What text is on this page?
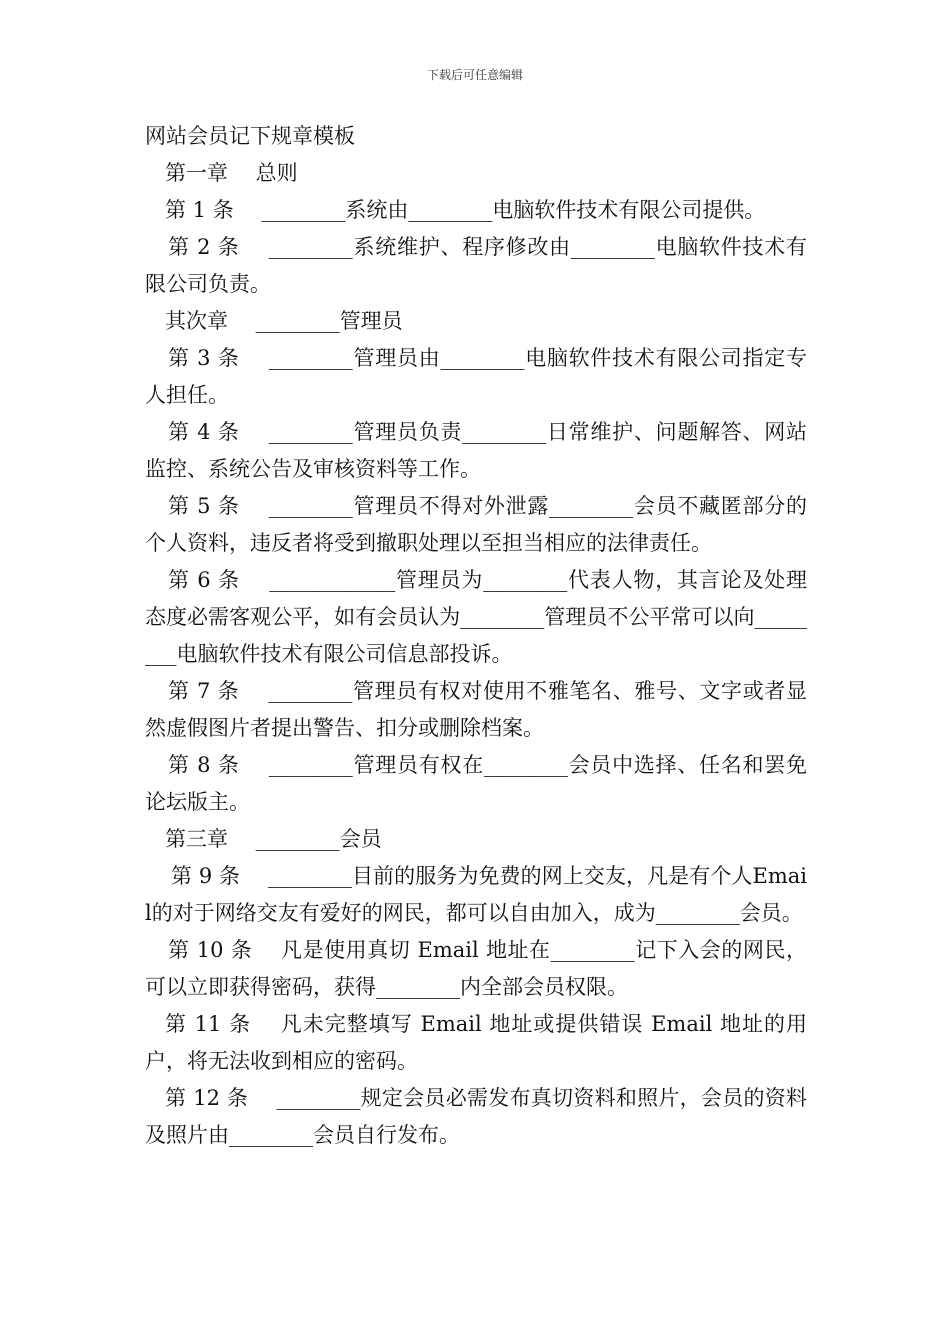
下载后可任意编辑

网站会员记下规章模板

第一章　 总则

第 1 条　 ________系统由________电脑软件技术有限公司提供。

第 2 条　 ________系统维护、程序修改由________电脑软件技术有限公司负责。

其次章　 ________管理员

第 3 条　 ________管理员由________电脑软件技术有限公司指定专人担任。

第 4 条　 ________管理员负责________日常维护、问题解答、网站监控、系统公告及审核资料等工作。

第 5 条　 ________管理员不得对外泄露________会员不藏匿部分的个人资料，违反者将受到撤职处理以至担当相应的法律责任。

第 6 条　 ____________管理员为________代表人物，其言论及处理态度必需客观公平，如有会员认为________管理员不公平常可以向________电脑软件技术有限公司信息部投诉。

第 7 条　 ________管理员有权对使用不雅笔名、雅号、文字或者显然虚假图片者提出警告、扣分或删除档案。

第 8 条　 ________管理员有权在________会员中选择、任名和罢免论坛版主。

第三章　 ________会员

第 9 条　 ________目前的服务为免费的网上交友，凡是有个人Email的对于网络交友有爱好的网民，都可以自由加入，成为________会员。

第 10 条　 凡是使用真切 Email 地址在________记下入会的网民，可以立即获得密码，获得________内全部会员权限。

第 11 条　 凡未完整填写 Email 地址或提供错误 Email 地址的用户，将无法收到相应的密码。

第 12 条　 ________规定会员必需发布真切资料和照片，会员的资料及照片由________会员自行发布。
